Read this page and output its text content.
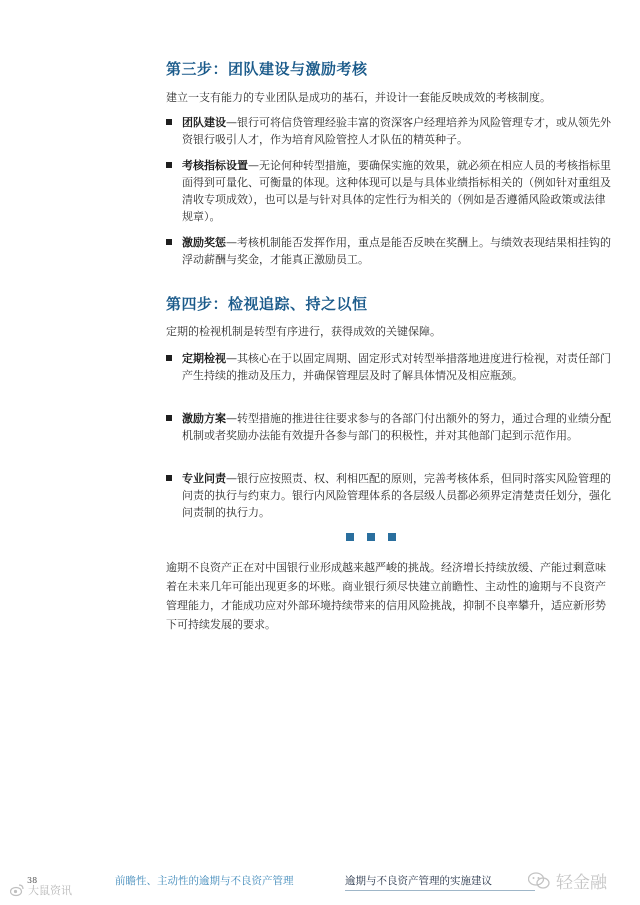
第三步：团队建设与激励考核

建立一支有能力的专业团队是成功的基石，并设计一套能反映成效的考核制度。

团队建设—银行可将信贷管理经验丰富的资深客户经理培养为风险管理专才，或从领先外资银行吸引人才，作为培育风险管控人才队伍的精英种子。
考核指标设置—无论何种转型措施，要确保实施的效果，就必须在相应人员的考核指标里面得到可量化、可衡量的体现。这种体现可以是与具体业绩指标相关的（例如针对重组及清收专项成效），也可以是与针对具体的定性行为相关的（例如是否遵循风险政策或法律规章）。
激励奖惩—考核机制能否发挥作用，重点是能否反映在奖酬上。与绩效表现结果相挂钩的浮动薪酬与奖金，才能真正激励员工。
第四步：检视追踪、持之以恒

定期的检视机制是转型有序进行，获得成效的关键保障。

定期检视—其核心在于以固定周期、固定形式对转型举措落地进度进行检视，对责任部门产生持续的推动及压力，并确保管理层及时了解具体情况及相应瓶颈。
激励方案—转型措施的推进往往要求参与的各部门付出额外的努力，通过合理的业绩分配机制或者奖励办法能有效提升各参与部门的积极性，并对其他部门起到示范作用。
专业问责—银行应按照责、权、利相匹配的原则，完善考核体系，但同时落实风险管理的问责的执行与约束力。银行内风险管理体系的各层级人员都必须界定清楚责任划分，强化问责制的执行力。

逾期不良资产正在对中国银行业形成越来越严峻的挑战。经济增长持续放缓、产能过剩意味着在未来几年可能出现更多的坏账。商业银行须尽快建立前瞻性、主动性的逾期与不良资产管理能力，才能成功应对外部环境持续带来的信用风险挑战，抑制不良率攀升，适应新形势下可持续发展的要求。

38	前瞻性、主动性的逾期与不良资产管理	逾期与不良资产管理的实施建议
大鼠资讯	轻金融
